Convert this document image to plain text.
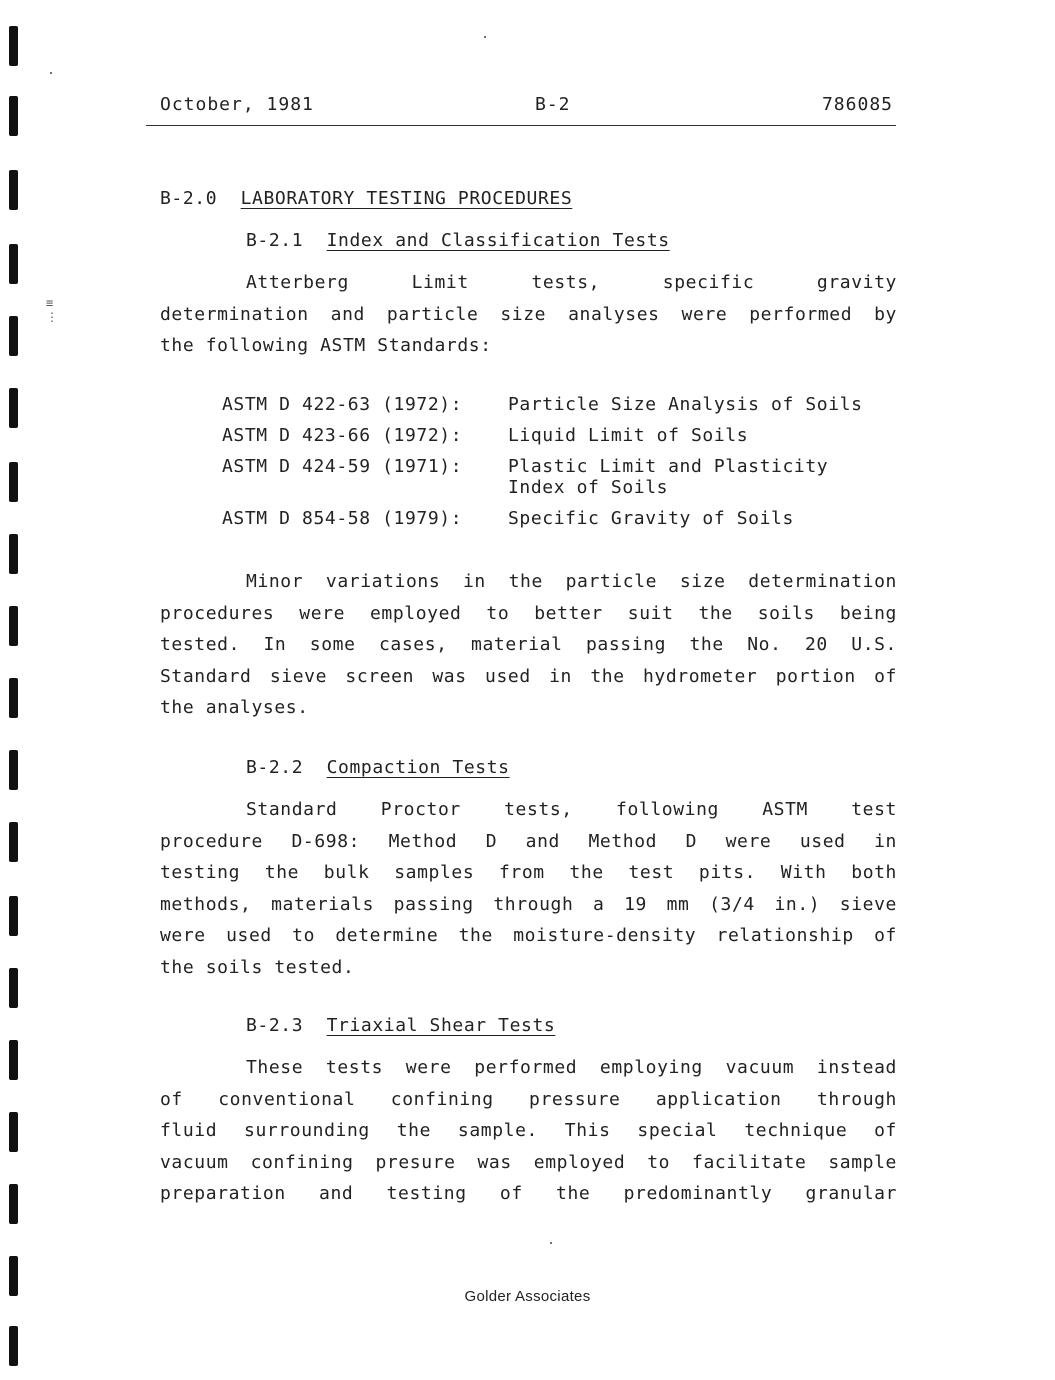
≡
⋮
October, 1981	B-2	786085
B-2.0 LABORATORY TESTING PROCEDURES
B-2.1 Index and Classification Tests
Atterberg Limit tests, specific gravity
determination and particle size analyses were performed by
the following ASTM Standards:
ASTM D 422-63 (1972):	Particle Size Analysis of Soils
ASTM D 423-66 (1972):	Liquid Limit of Soils
ASTM D 424-59 (1971):	Plastic Limit and Plasticity Index of Soils
ASTM D 854-58 (1979):	Specific Gravity of Soils
Minor variations in the particle size determination
procedures were employed to better suit the soils being
tested. In some cases, material passing the No. 20 U.S.
Standard sieve screen was used in the hydrometer portion of
the analyses.
B-2.2 Compaction Tests
Standard Proctor tests, following ASTM test
procedure D-698: Method D and Method D were used in
testing the bulk samples from the test pits. With both
methods, materials passing through a 19 mm (3/4 in.) sieve
were used to determine the moisture-density relationship of
the soils tested.
B-2.3 Triaxial Shear Tests
These tests were performed employing vacuum instead
of conventional confining pressure application through
fluid surrounding the sample. This special technique of
vacuum confining presure was employed to facilitate sample
preparation and testing of the predominantly granular
Golder Associates
